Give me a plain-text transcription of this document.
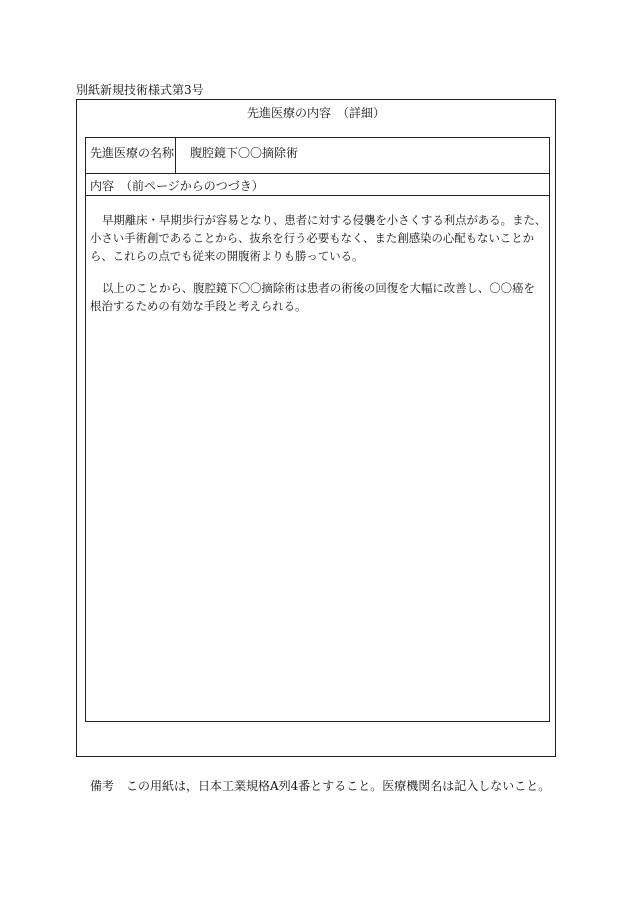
別紙新規技術様式第3号
先進医療の内容　（詳細）
先進医療の名称 腹腔鏡下〇〇摘除術
内容　（前ページからのつづき）

早期離床・早期歩行が容易となり、患者に対する侵襲を小さくする利点がある。また、
小さい手術創であることから、抜糸を行う必要もなく、また創感染の心配もないことか
ら、これらの点でも従来の開腹術よりも勝っている。

以上のことから、腹腔鏡下〇〇摘除術は患者の術後の回復を大幅に改善し、〇〇癌を
根治するための有効な手段と考えられる。

備考　この用紙は，日本工業規格A列4番とすること。医療機関名は記入しないこと。
